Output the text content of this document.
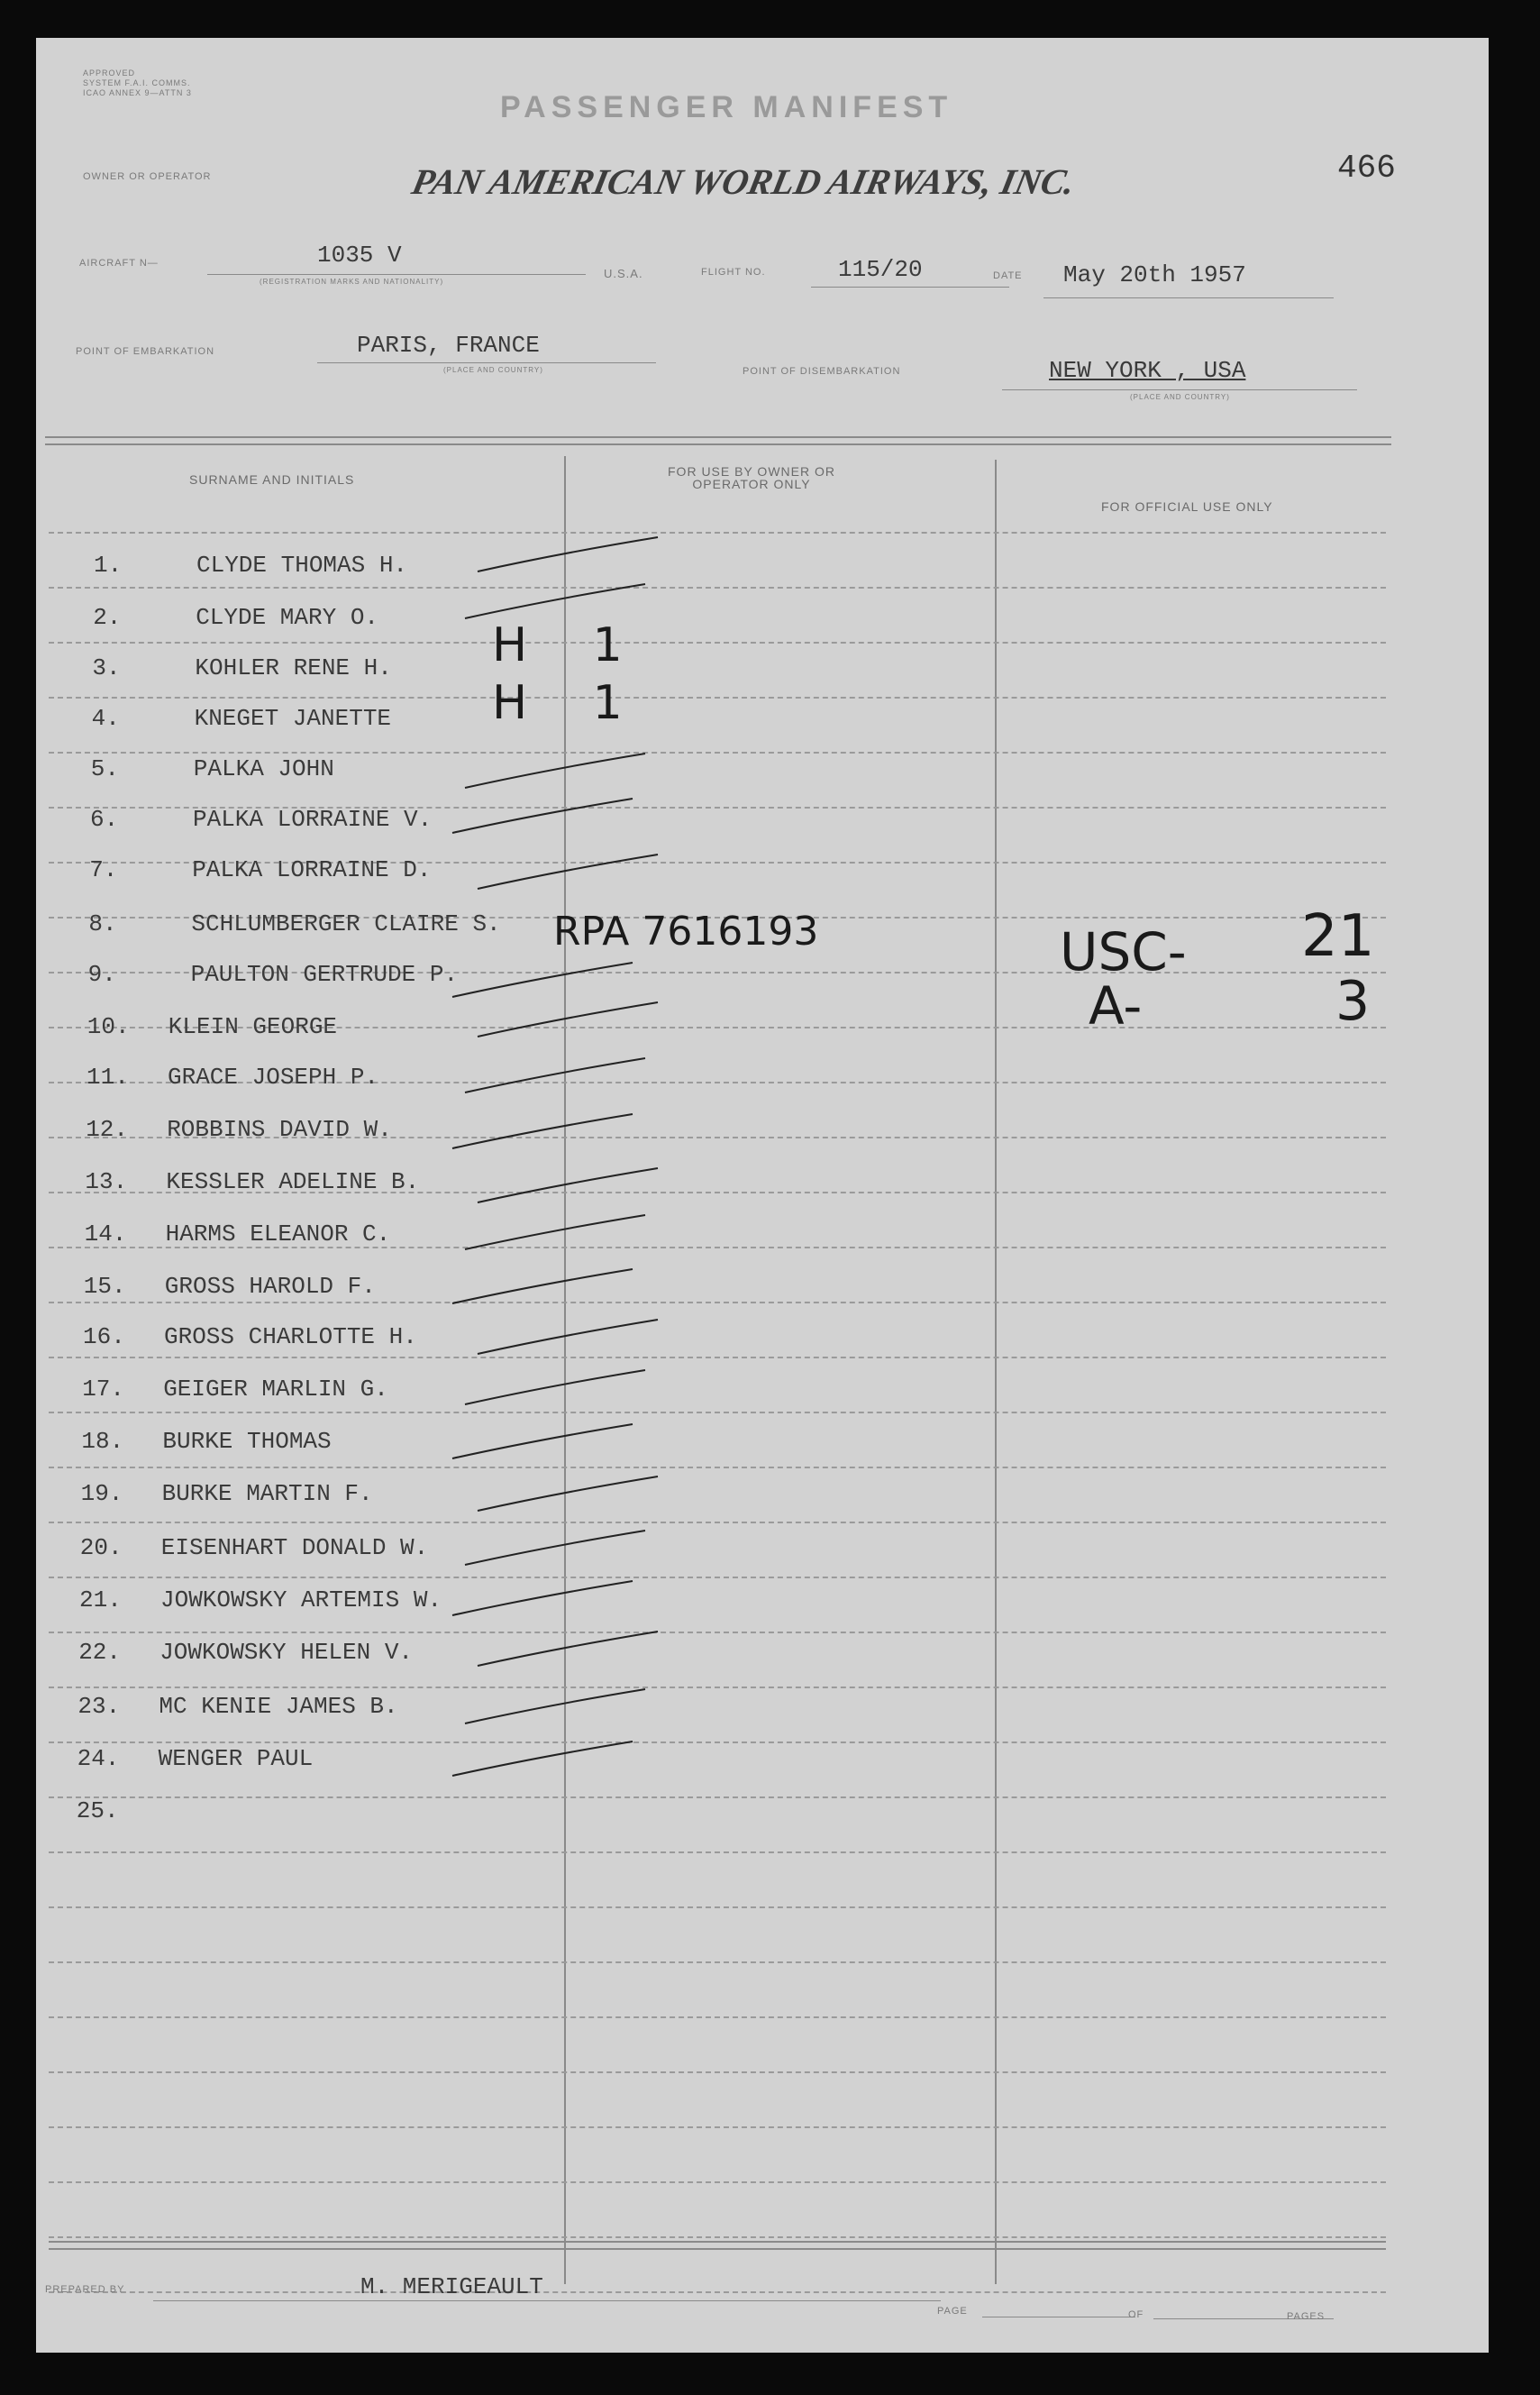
APPROVED
SYSTEM F.A.I. COMMS.
ICAO ANNEX 9—ATTN 3	PASSENGER MANIFEST
466
OWNER OR OPERATOR	PAN AMERICAN WORLD AIRWAYS, INC.
AIRCRAFT N—	1035 V
(REGISTRATION MARKS AND NATIONALITY)
U.S.A.	FLIGHT NO.	115/20	DATE May 20th 1957
POINT OF EMBARKATION	PARIS, FRANCE
(PLACE AND COUNTRY)	POINT OF DISEMBARKATION	NEW YORK , USA
(PLACE AND COUNTRY)
SURNAME AND INITIALS
FOR USE BY OWNER OR OPERATOR ONLY
FOR OFFICIAL USE ONLY
1.	CLYDE THOMAS H.
2.	CLYDE MARY O.
3.	KOHLER RENE H.
4.	KNEGET JANETTE
5.	PALKA JOHN
6.	PALKA LORRAINE V.
7.	PALKA LORRAINE D.
8.	SCHLUMBERGER CLAIRE S.
9.	PAULTON GERTRUDE P.
10. KLEIN GEORGE
11. GRACE JOSEPH P.
12. ROBBINS DAVID W.
13. KESSLER ADELINE B.
14. HARMS ELEANOR C.
15. GROSS HAROLD F.
16. GROSS CHARLOTTE H.
17. GEIGER MARLIN G.
18. BURKE THOMAS
19. BURKE MARTIN F.
20. EISENHART DONALD W.
21. JOWKOWSKY ARTEMIS W.
22. JOWKOWSKY HELEN V.
23. MC KENIE JAMES B.
24. WENGER PAUL
25.
H 1
H 1
RPA 7616193	USC- 21
A-	3
PREPARED BY	M. MERIGEAULT
PAGE	OF	PAGES
